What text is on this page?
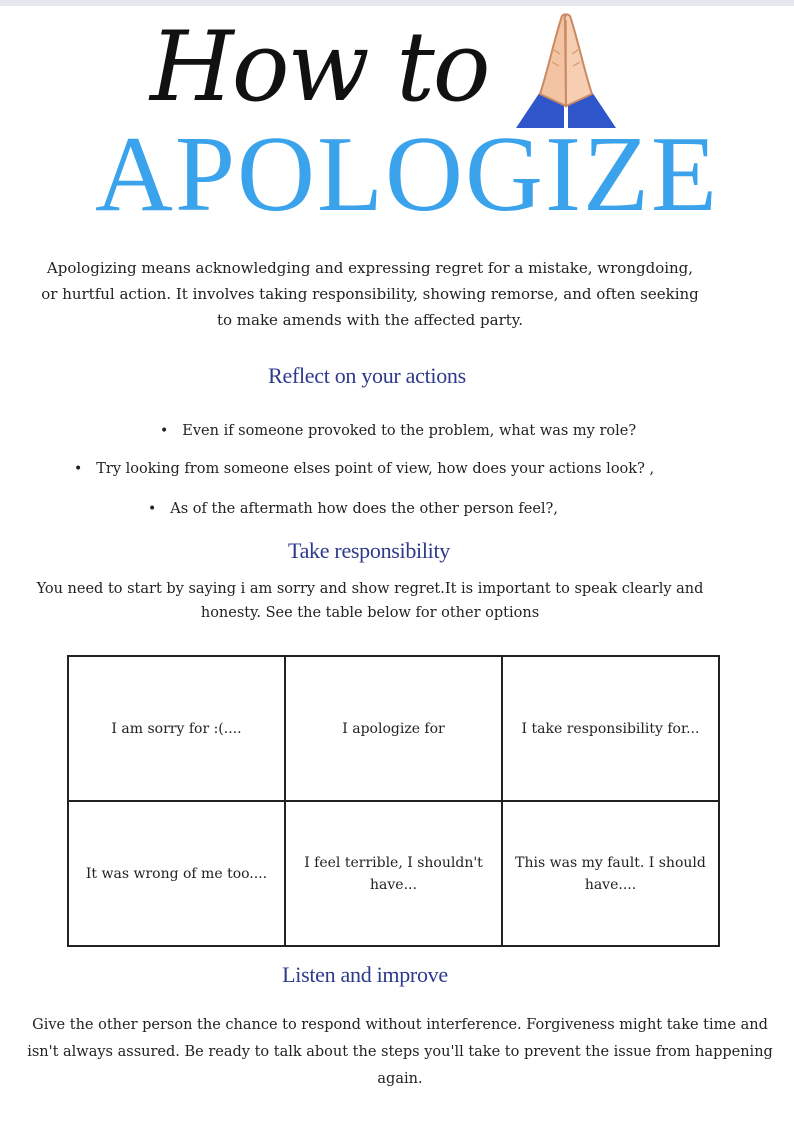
How to
APOLOGIZE
Apologizing means acknowledging and expressing regret for a mistake, wrongdoing, or hurtful action. It involves taking responsibility, showing remorse, and often seeking to make amends with the affected party.
Reflect on your actions
• Even if someone provoked to the problem, what was my role?
• Try looking from someone elses point of view, how does your actions look? ,
• As of the aftermath how does the other person feel?,
Take responsibility
You need to start by saying i am sorry and show regret.It is important to speak clearly and honesty. See the table below for other options
I am sorry for :(....	I apologize for	I take responsibility for...
It was wrong of me too....	I feel terrible, I shouldn't have...	This was my fault. I should have....
Listen and improve
Give the other person the chance to respond without interference. Forgiveness might take time and isn't always assured. Be ready to talk about the steps you'll take to prevent the issue from happening again.
